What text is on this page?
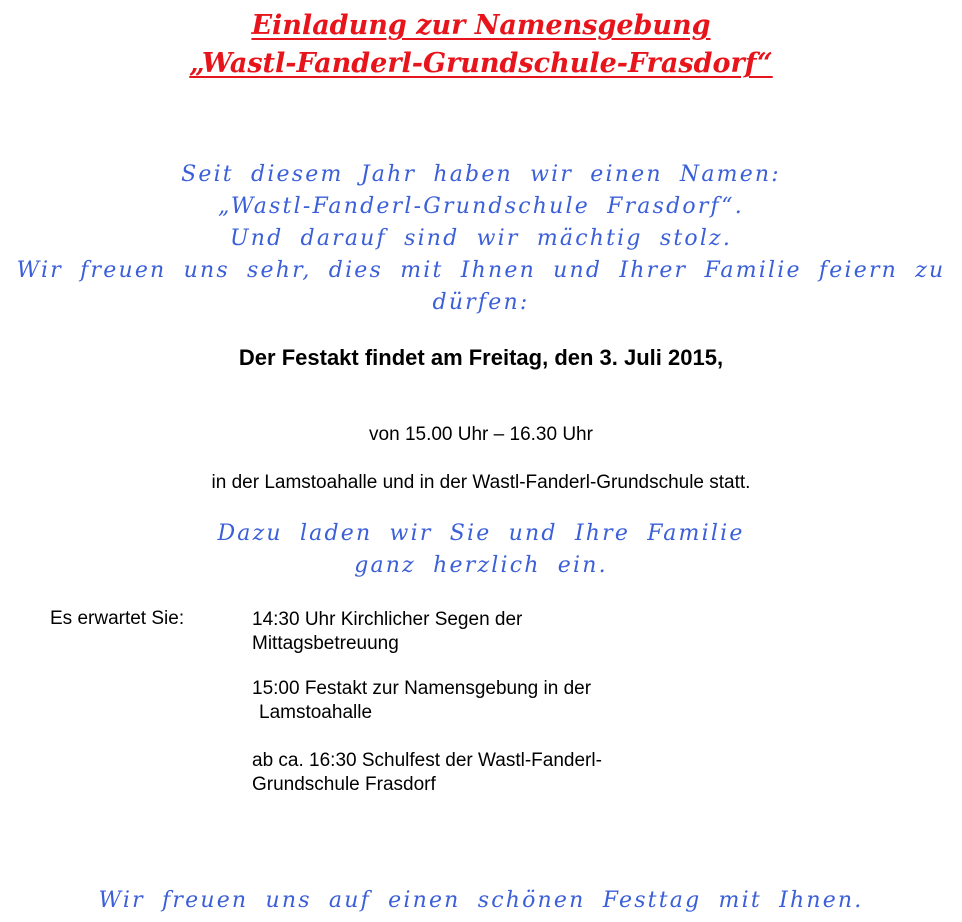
Einladung zur Namensgebung
„Wastl-Fanderl-Grundschule-Frasdorf“
Seit diesem Jahr haben wir einen Namen:
„Wastl-Fanderl-Grundschule Frasdorf“.
Und darauf sind wir mächtig stolz.
Wir freuen uns sehr, dies mit Ihnen und Ihrer Familie feiern zu
dürfen:
Der Festakt findet am Freitag, den 3. Juli 2015,
von 15.00 Uhr – 16.30 Uhr
in der Lamstoahalle und in der Wastl-Fanderl-Grundschule statt.
Dazu laden wir Sie und Ihre Familie
ganz herzlich ein.
Es erwartet Sie:	14:30 Uhr Kirchlicher Segen der
Mittagsbetreuung
15:00 Festakt zur Namensgebung in der
Lamstoahalle
ab ca. 16:30 Schulfest der Wastl-Fanderl-
Grundschule Frasdorf
Wir freuen uns auf einen schönen Festtag mit Ihnen.
